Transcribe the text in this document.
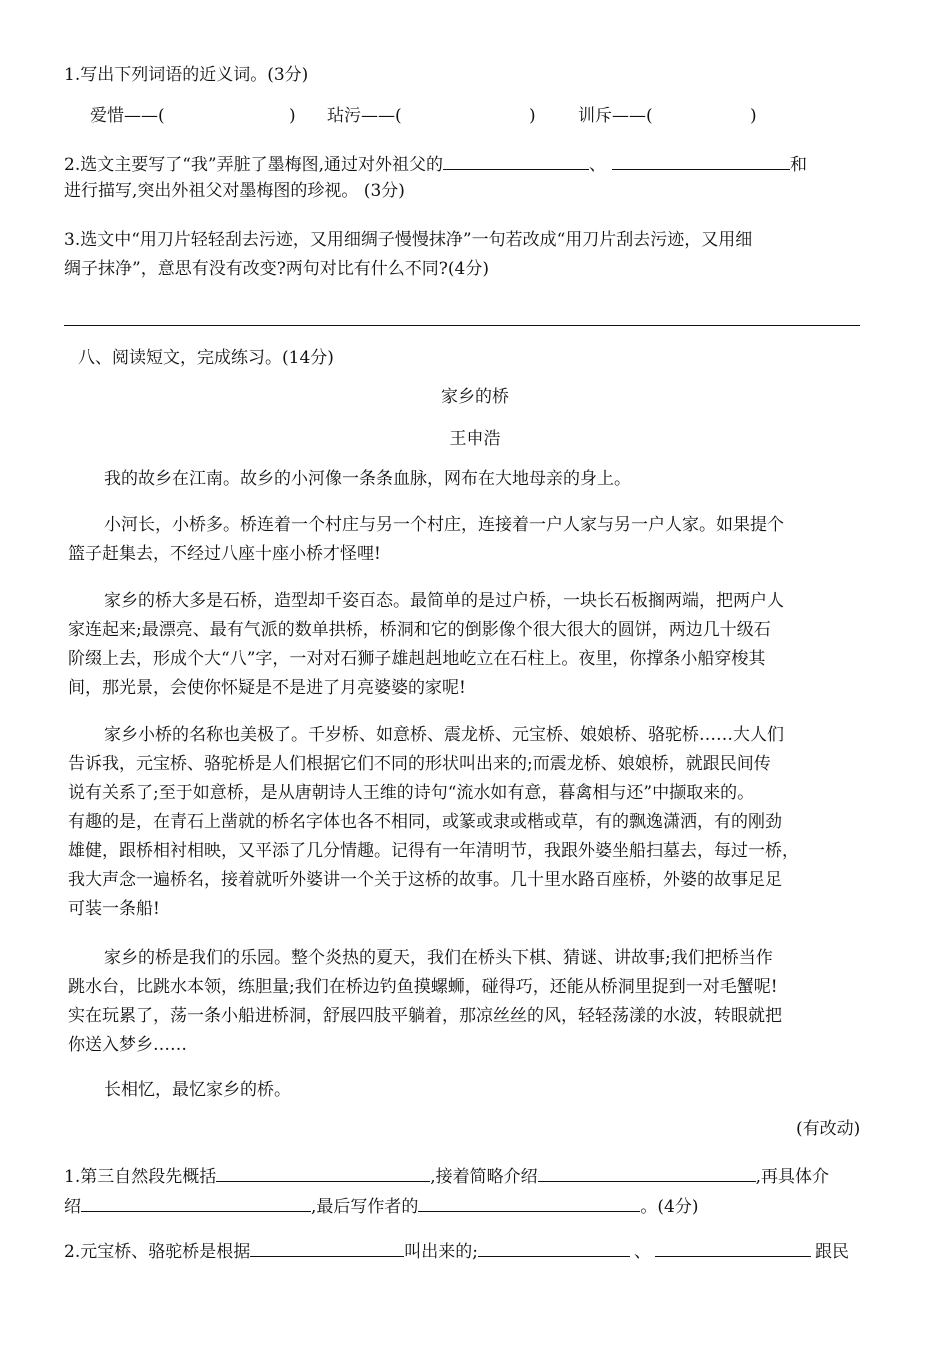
1.写出下列词语的近义词。(3分)
爱惜——(	) 玷污——(	) 训斥——(	)
2.选文主要写了“我”弄脏了墨梅图,通过对外祖父的	、	和
进行描写,突出外祖父对墨梅图的珍视。 (3分)
3.选文中“用刀片轻轻刮去污迹，又用细绸子慢慢抹净”一句若改成“用刀片刮去污迹，又用细
绸子抹净”，意思有没有改变?两句对比有什么不同?(4分)
八、阅读短文，完成练习。(14分)
家乡的桥
王申浩
我的故乡在江南。故乡的小河像一条条血脉，网布在大地母亲的身上。
小河长，小桥多。桥连着一个村庄与另一个村庄，连接着一户人家与另一户人家。如果提个
篮子赶集去，不经过八座十座小桥才怪哩!
家乡的桥大多是石桥，造型却千姿百态。最简单的是过户桥，一块长石板搁两端，把两户人
家连起来;最漂亮、最有气派的数单拱桥，桥洞和它的倒影像个很大很大的圆饼，两边几十级石
阶缀上去，形成个大“八”字，一对对石狮子雄赳赳地屹立在石柱上。夜里，你撑条小船穿梭其
间，那光景，会使你怀疑是不是进了月亮婆婆的家呢!
家乡小桥的名称也美极了。千岁桥、如意桥、震龙桥、元宝桥、娘娘桥、骆驼桥……大人们
告诉我，元宝桥、骆驼桥是人们根据它们不同的形状叫出来的;而震龙桥、娘娘桥，就跟民间传
说有关系了;至于如意桥，是从唐朝诗人王维的诗句“流水如有意，暮禽相与还”中撷取来的。
有趣的是，在青石上凿就的桥名字体也各不相同，或篆或隶或楷或草，有的飘逸潇洒，有的刚劲
雄健，跟桥相衬相映，又平添了几分情趣。记得有一年清明节，我跟外婆坐船扫墓去，每过一桥，
我大声念一遍桥名，接着就听外婆讲一个关于这桥的故事。几十里水路百座桥，外婆的故事足足
可装一条船!
家乡的桥是我们的乐园。整个炎热的夏天，我们在桥头下棋、猜谜、讲故事;我们把桥当作
跳水台，比跳水本领，练胆量;我们在桥边钓鱼摸螺蛳，碰得巧，还能从桥洞里捉到一对毛蟹呢!
实在玩累了，荡一条小船进桥洞，舒展四肢平躺着，那凉丝丝的风，轻轻荡漾的水波，转眼就把
你送入梦乡……
长相忆，最忆家乡的桥。
(有改动)
1.第三自然段先概括	,接着简略介绍	,再具体介
绍	,最后写作者的	。(4分)
2.元宝桥、骆驼桥是根据	叫出来的;	、	跟民
